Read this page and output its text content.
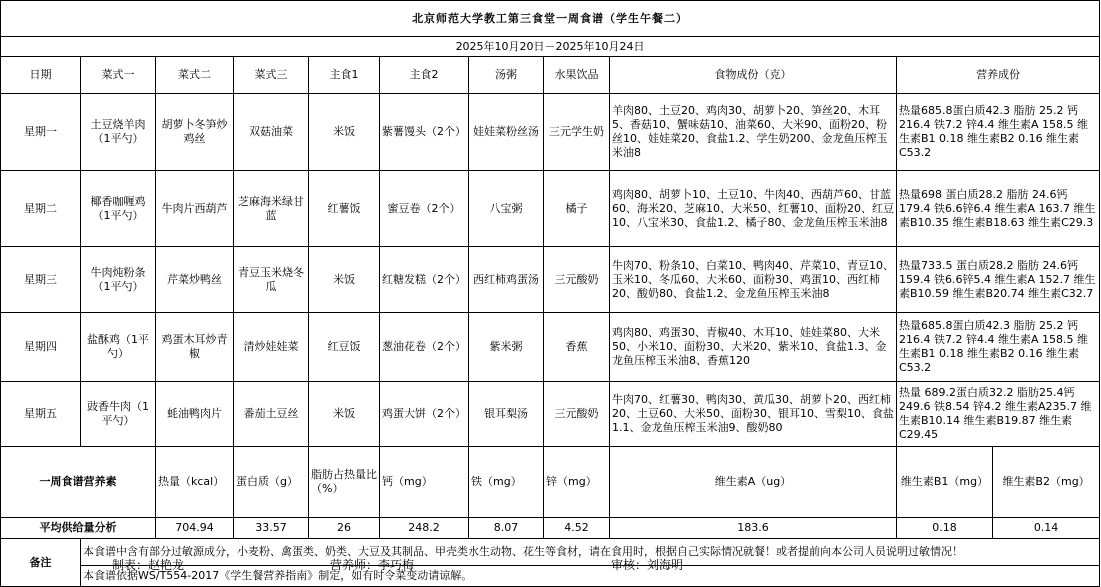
北京师范大学教工第三食堂一周食谱（学生午餐二）											
2025年10月20日－2025年10月24日											
日期	菜式一	菜式二	菜式三	主食1	主食2	汤粥	水果饮品	食物成份（克）	营养成份		
星期一	土豆烧羊肉（1平勺）	胡萝卜冬笋炒鸡丝	双菇油菜	米饭	紫薯馒头（2个）	娃娃菜粉丝汤	三元学生奶	羊肉80、土豆20、鸡肉30、胡萝卜20、笋丝20、木耳5、香菇10、蟹味菇10、油菜60、大米90、面粉20、粉丝10、娃娃菜20、食盐1.2、学生奶200、金龙鱼压榨玉米油8	热量685.8蛋白质42.3 脂肪 25.2 钙216.4 铁7.2 锌4.4 维生素A 158.5 维生素B1 0.18 维生素B2 0.16 维生素C53.2		
星期二	椰香咖喱鸡（1平勺）	牛肉片西葫芦	芝麻海米绿甘蓝	红薯饭	蜜豆卷（2个）	八宝粥	橘子	鸡肉80、胡萝卜10、土豆10、牛肉40、西葫芦60、甘蓝60、海米20、芝麻10、大米50、红薯10、面粉20、红豆10、八宝米30、食盐1.2、橘子80、金龙鱼压榨玉米油8	热量698 蛋白质28.2 脂肪 24.6钙179.4 铁6.6锌6.4 维生素A 163.7 维生素B10.35 维生素B18.63 维生素C29.3		
星期三	牛肉炖粉条（1平勺）	芹菜炒鸭丝	青豆玉米烧冬瓜	米饭	红糖发糕（2个）	西红柿鸡蛋汤	三元酸奶	牛肉70、粉条10、白菜10、鸭肉40、芹菜10、青豆10、玉米10、冬瓜60、大米60、面粉30、鸡蛋10、西红柿20、酸奶80、食盐1.2、金龙鱼压榨玉米油8	热量733.5 蛋白质28.2 脂肪 24.6钙159.4 铁6.6锌5.4 维生素A 152.7 维生素B10.59 维生素B20.74 维生素C32.7		
星期四	盐酥鸡（1平勺）	鸡蛋木耳炒青椒	清炒娃娃菜	红豆饭	葱油花卷（2个）	紫米粥	香蕉	鸡肉80、鸡蛋30、青椒40、木耳10、娃娃菜80、大米50、小米10、面粉30、大米20、紫米10、食盐1.3、金龙鱼压榨玉米油8、香蕉120	热量685.8蛋白质42.3 脂肪 25.2 钙216.4 铁7.2 锌4.4 维生素A 158.5 维生素B1 0.18 维生素B2 0.16 维生素C53.2		
星期五	豉香牛肉（1平勺）	蚝油鸭肉片	番茄土豆丝	米饭	鸡蛋大饼（2个）	银耳梨汤	三元酸奶	牛肉70、红薯30、鸭肉30、黄瓜30、胡萝卜20、西红柿20、土豆60、大米50、面粉30、银耳10、雪梨10、食盐1.1、金龙鱼压榨玉米油9、酸奶80	热量 689.2蛋白质32.2 脂肪25.4钙249.6 铁8.54 锌4.2 维生素A235.7 维生素B10.14 维生素B19.87 维生素C29.45		
一周食谱营养素		热量（kcal）	蛋白质（g）	脂肪占热量比（%）	钙（mg）	铁（mg）	锌（mg）	维生素A（ug）	维生素B1（mg）	维生素B2（mg）	
平均供给量分析		704.94	33.57	26	248.2	8.07	4.52	183.6	0.18	0.14	
备注	本食谱中含有部分过敏源成分，小麦粉、禽蛋类、奶类、大豆及其制品、甲壳类水生动物、花生等食材，请在食用时，根据自己实际情况就餐！或者提前向本公司人员说明过敏情况！										
	本食谱依据WS/T554-2017《学生餐营养指南》制定，如有时令菜变动请谅解。										
制表：赵艳龙	营养师：李巧梅	审核：刘海明
